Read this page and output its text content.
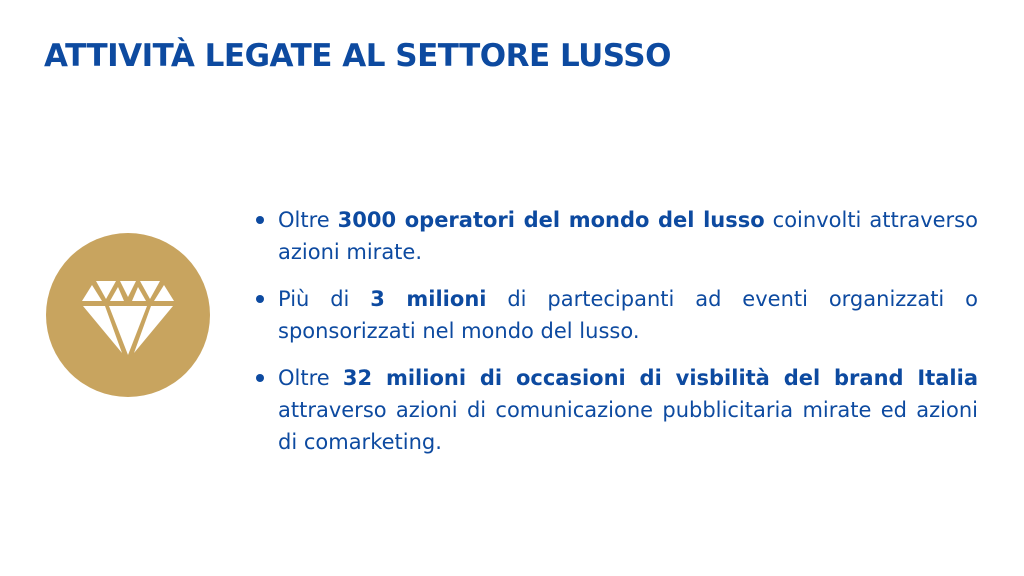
ATTIVITÀ LEGATE AL SETTORE LUSSO
Oltre 3000 operatori del mondo del lusso coinvolti attraverso azioni mirate.
Più di 3 milioni di partecipanti ad eventi organizzati o sponsorizzati nel mondo del lusso.
Oltre 32 milioni di occasioni di visbilità del brand Italia attraverso azioni di comunicazione pubblicitaria mirate ed azioni di comarketing.
